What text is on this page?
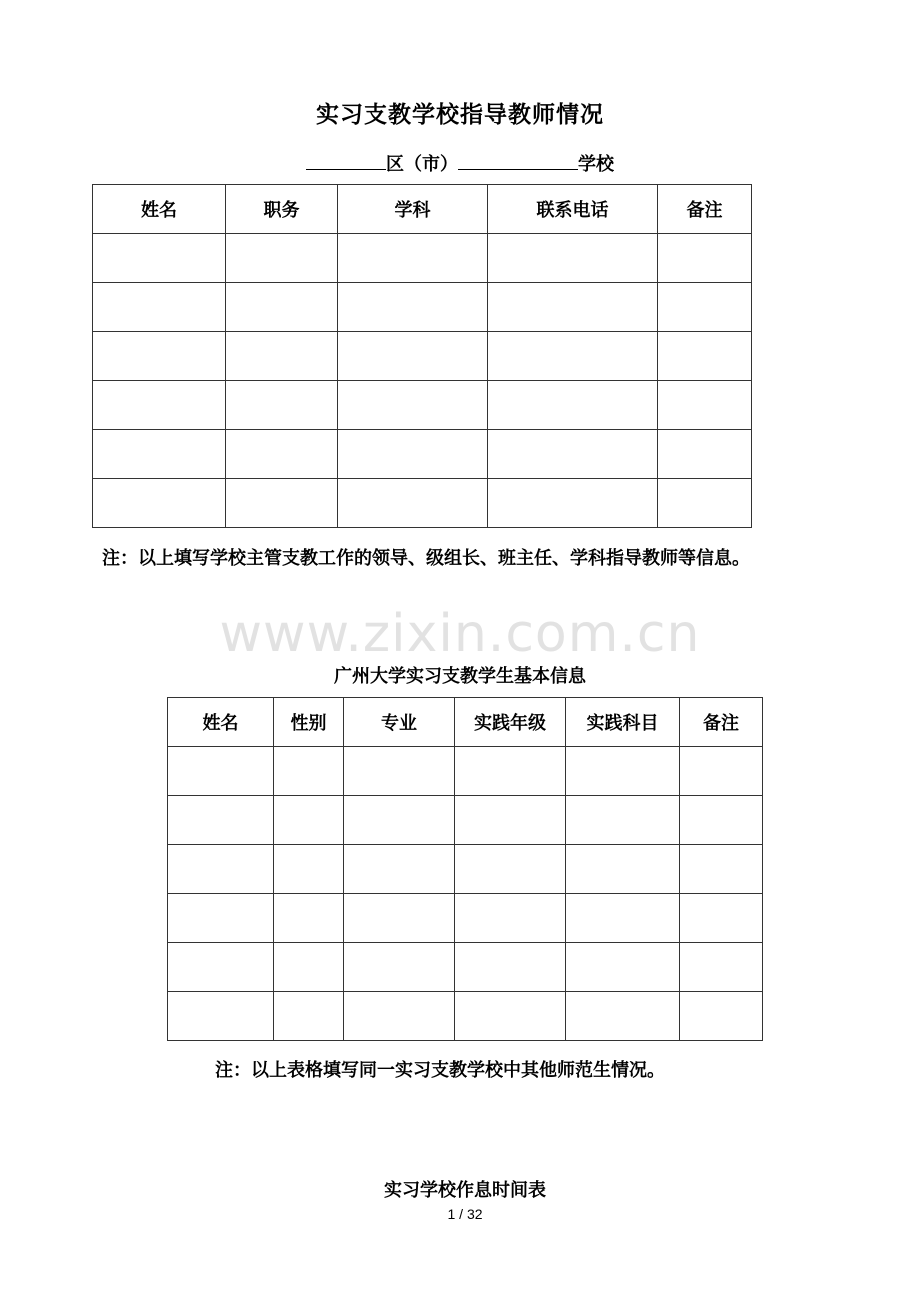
实习支教学校指导教师情况
区（市）	学校
姓名	职务	学科	联系电话	备注

注：以上填写学校主管支教工作的领导、级组长、班主任、学科指导教师等信息。
www.zixin.com.cn
广州大学实习支教学生基本信息
姓名	性别	专业	实践年级	实践科目	备注

注：以上表格填写同一实习支教学校中其他师范生情况。
实习学校作息时间表
1 / 32
